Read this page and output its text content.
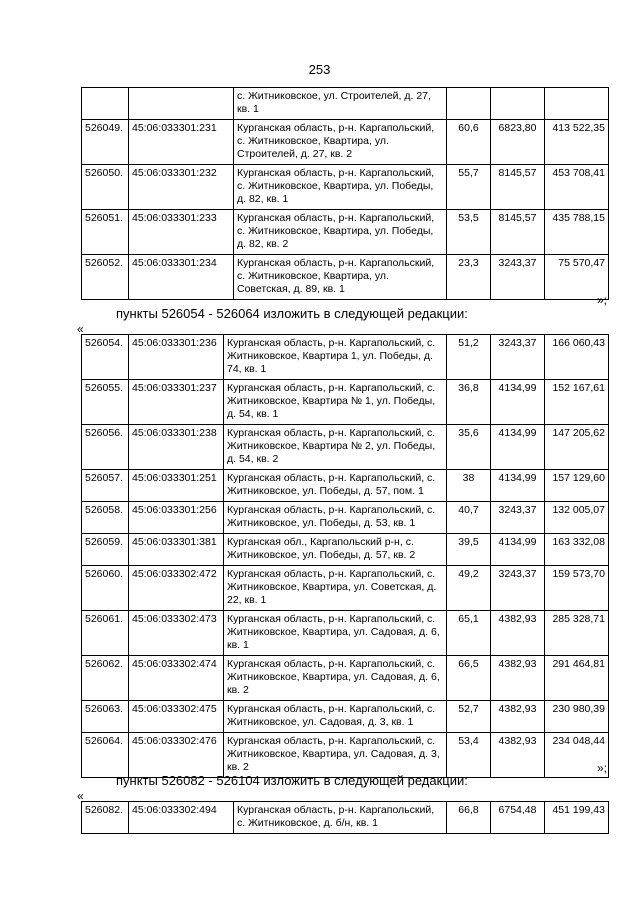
253
		с. Житниковское, ул. Строителей, д. 27, кв. 1			
526049.	45:06:033301:231	Курганская область, р-н. Каргапольский, с. Житниковское, Квартира, ул. Строителей, д. 27, кв. 2	60,6	6823,80	413 522,35
526050.	45:06:033301:232	Курганская область, р-н. Каргапольский, с. Житниковское, Квартира, ул. Победы, д. 82, кв. 1	55,7	8145,57	453 708,41
526051.	45:06:033301:233	Курганская область, р-н. Каргапольский, с. Житниковское, Квартира, ул. Победы, д. 82, кв. 2	53,5	8145,57	435 788,15
526052.	45:06:033301:234	Курганская область, р-н. Каргапольский, с. Житниковское, Квартира, ул. Советская, д. 89, кв. 1	23,3	3243,37	75 570,47
»;
пункты 526054 - 526064 изложить в следующей редакции:
«
526054.	45:06:033301:236	Курганская область, р-н. Каргапольский, с. Житниковское, Квартира 1, ул. Победы, д. 74, кв. 1	51,2	3243,37	166 060,43
526055.	45:06:033301:237	Курганская область, р-н. Каргапольский, с. Житниковское, Квартира № 1, ул. Победы, д. 54, кв. 1	36,8	4134,99	152 167,61
526056.	45:06:033301:238	Курганская область, р-н. Каргапольский, с. Житниковское, Квартира № 2, ул. Победы, д. 54, кв. 2	35,6	4134,99	147 205,62
526057.	45:06:033301:251	Курганская область, р-н. Каргапольский, с. Житниковское, ул. Победы, д. 57, пом. 1	38	4134,99	157 129,60
526058.	45:06:033301:256	Курганская область, р-н. Каргапольский, с. Житниковское, ул. Победы, д. 53, кв. 1	40,7	3243,37	132 005,07
526059.	45:06:033301:381	Курганская обл., Каргапольский р-н, с. Житниковское, ул. Победы, д. 57, кв. 2	39,5	4134,99	163 332,08
526060.	45:06:033302:472	Курганская область, р-н. Каргапольский, с. Житниковское, Квартира, ул. Советская, д. 22, кв. 1	49,2	3243,37	159 573,70
526061.	45:06:033302:473	Курганская область, р-н. Каргапольский, с. Житниковское, Квартира, ул. Садовая, д. 6, кв. 1	65,1	4382,93	285 328,71
526062.	45:06:033302:474	Курганская область, р-н. Каргапольский, с. Житниковское, Квартира, ул. Садовая, д. 6, кв. 2	66,5	4382,93	291 464,81
526063.	45:06:033302:475	Курганская область, р-н. Каргапольский, с. Житниковское, ул. Садовая, д. 3, кв. 1	52,7	4382,93	230 980,39
526064.	45:06:033302:476	Курганская область, р-н. Каргапольский, с. Житниковское, Квартира, ул. Садовая, д. 3, кв. 2	53,4	4382,93	234 048,44
»;
пункты 526082 - 526104 изложить в следующей редакции:
«
526082.	45:06:033302:494	Курганская область, р-н. Каргапольский, с. Житниковское, д. б/н, кв. 1	66,8	6754,48	451 199,43
